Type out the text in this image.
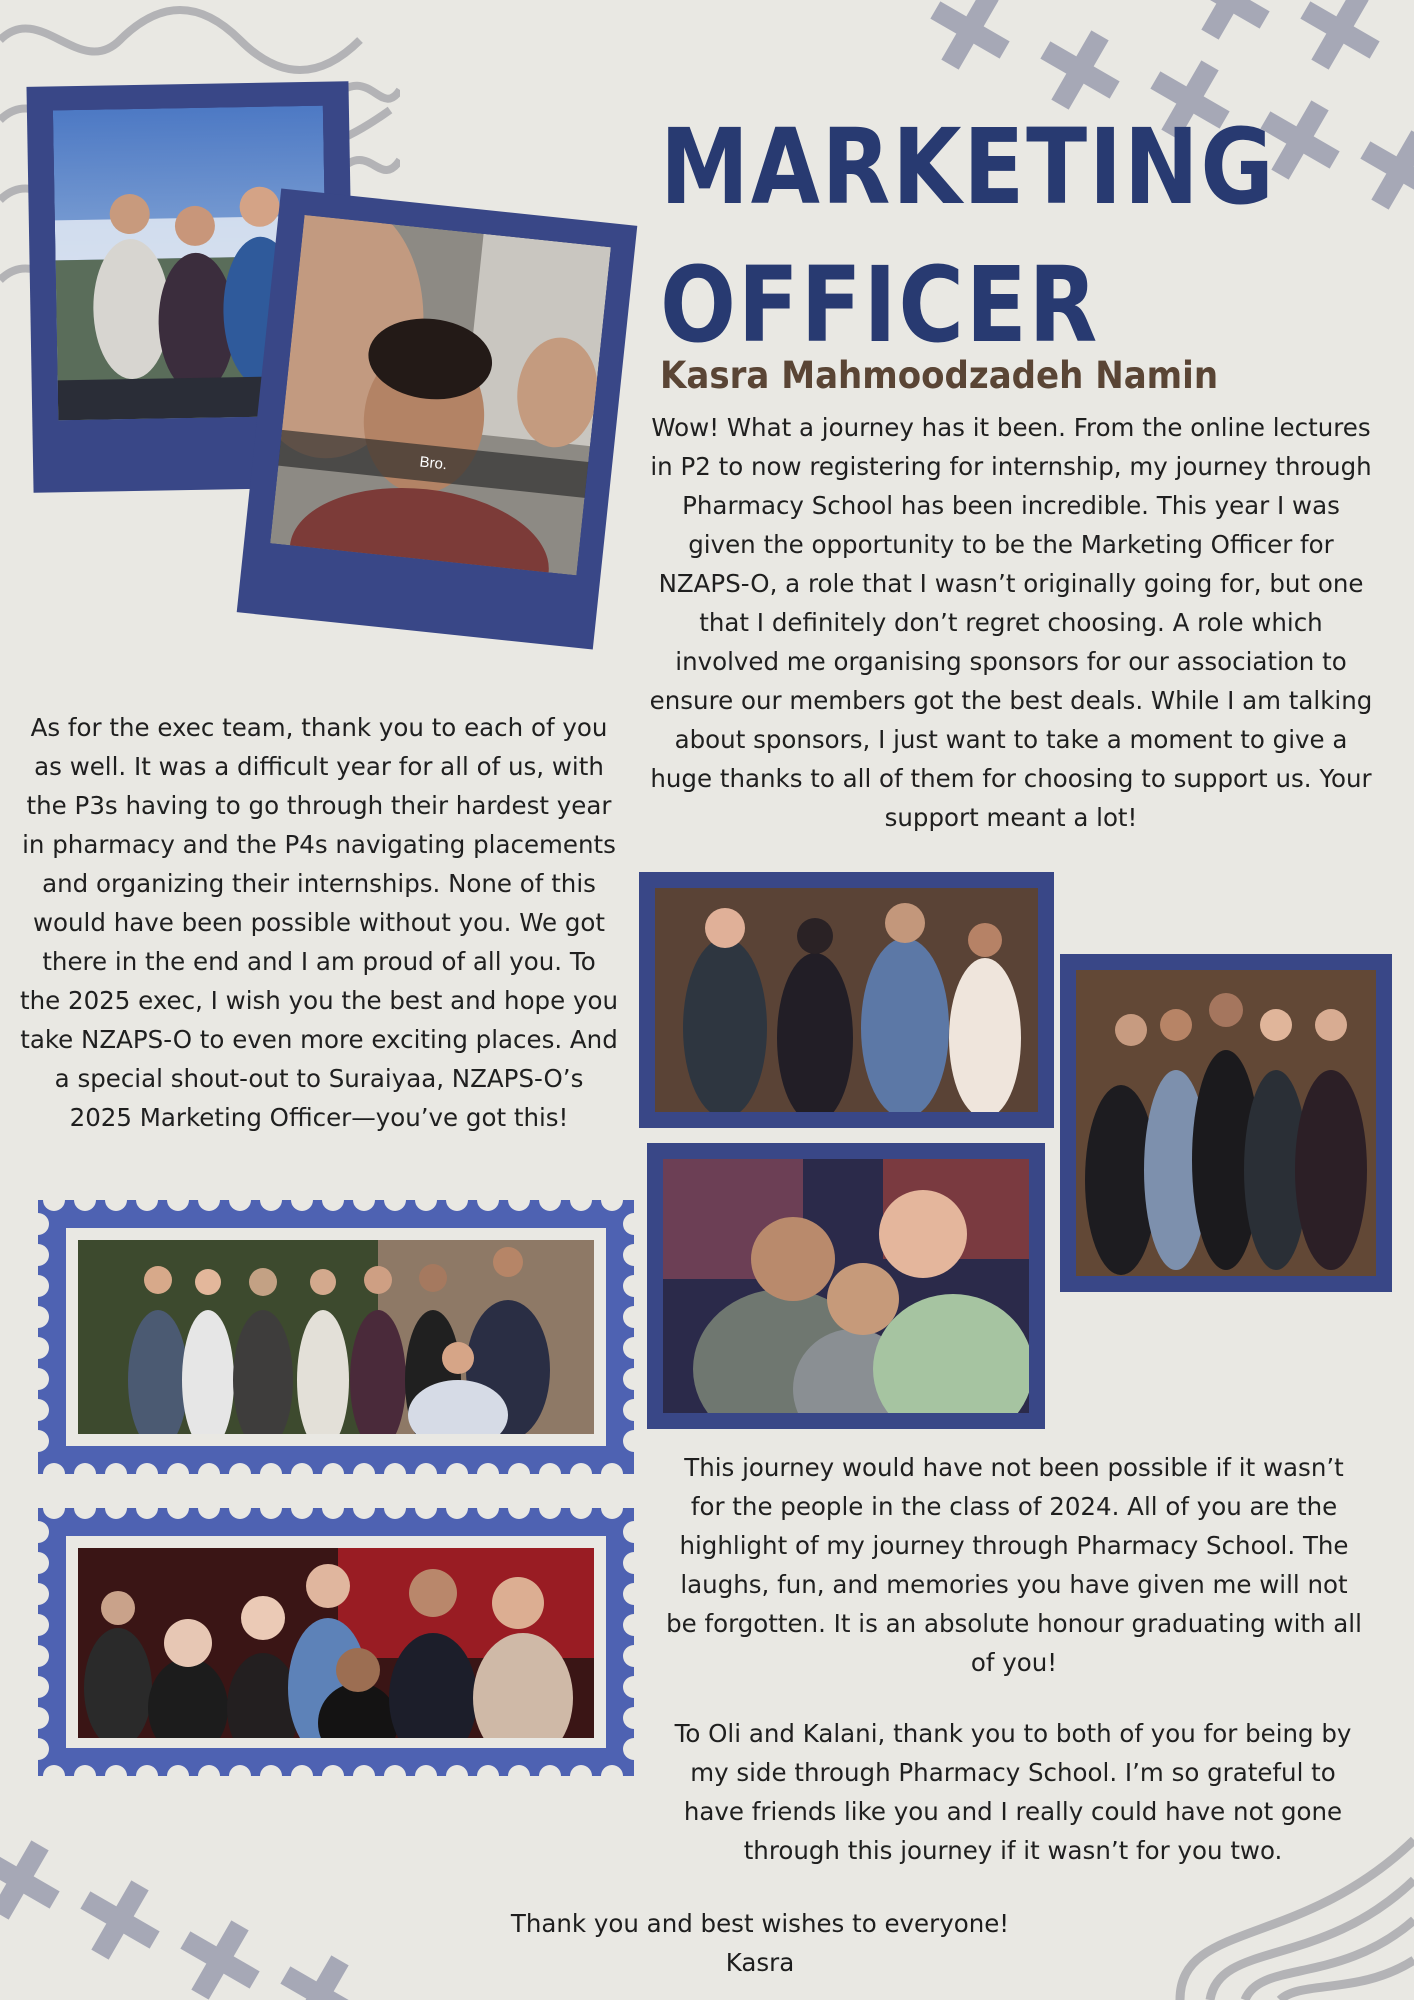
Bro.
MARKETING
OFFICER
Kasra Mahmoodzadeh Namin
Wow! What a journey has it been. From the online lectures in P2 to now registering for internship, my journey through Pharmacy School has been incredible. This year I was given the opportunity to be the Marketing Officer for NZAPS-O, a role that I wasn’t originally going for, but one that I definitely don’t regret choosing. A role which involved me organising sponsors for our association to ensure our members got the best deals. While I am talking about sponsors, I just want to take a moment to give a huge thanks to all of them for choosing to support us. Your support meant a lot!
As for the exec team, thank you to each of you as well. It was a difficult year for all of us, with the P3s having to go through their hardest year in pharmacy and the P4s navigating placements and organizing their internships. None of this would have been possible without you. We got there in the end and I am proud of all you. To the 2025 exec, I wish you the best and hope you take NZAPS-O to even more exciting places. And a special shout-out to Suraiyaa, NZAPS-O’s 2025 Marketing Officer—you’ve got this!
This journey would have not been possible if it wasn’t for the people in the class of 2024. All of you are the highlight of my journey through Pharmacy School. The laughs, fun, and memories you have given me will not be forgotten. It is an absolute honour graduating with all of you!
To Oli and Kalani, thank you to both of you for being by my side through Pharmacy School. I’m so grateful to have friends like you and I really could have not gone through this journey if it wasn’t for you two.
Thank you and best wishes to everyone!
Kasra
